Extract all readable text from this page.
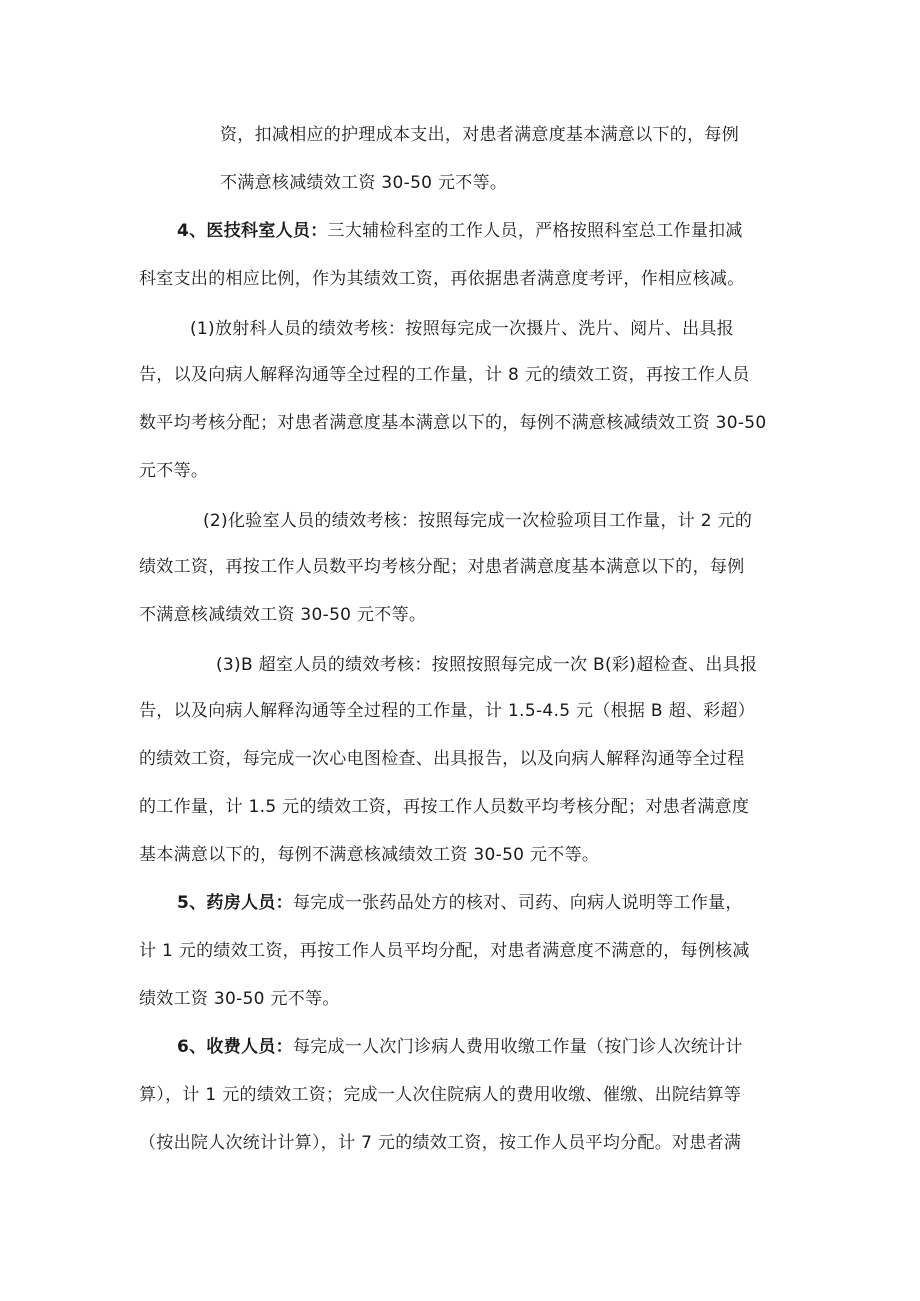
资，扣减相应的护理成本支出，对患者满意度基本满意以下的，每例
不满意核减绩效工资 30-50 元不等。
4、医技科室人员：三大辅检科室的工作人员，严格按照科室总工作量扣减
科室支出的相应比例，作为其绩效工资，再依据患者满意度考评，作相应核减。
(1)放射科人员的绩效考核：按照每完成一次摄片、洗片、阅片、出具报
告，以及向病人解释沟通等全过程的工作量，计 8 元的绩效工资，再按工作人员
数平均考核分配；对患者满意度基本满意以下的，每例不满意核减绩效工资 30-50
元不等。
(2)化验室人员的绩效考核：按照每完成一次检验项目工作量，计 2 元的
绩效工资，再按工作人员数平均考核分配；对患者满意度基本满意以下的，每例
不满意核减绩效工资 30-50 元不等。
(3)B 超室人员的绩效考核：按照按照每完成一次 B(彩)超检查、出具报
告，以及向病人解释沟通等全过程的工作量，计 1.5-4.5 元（根据 B 超、彩超）
的绩效工资，每完成一次心电图检查、出具报告，以及向病人解释沟通等全过程
的工作量，计 1.5 元的绩效工资，再按工作人员数平均考核分配；对患者满意度
基本满意以下的，每例不满意核减绩效工资 30-50 元不等。
5、药房人员：每完成一张药品处方的核对、司药、向病人说明等工作量，
计 1 元的绩效工资，再按工作人员平均分配，对患者满意度不满意的，每例核减
绩效工资 30-50 元不等。
6、收费人员：每完成一人次门诊病人费用收缴工作量（按门诊人次统计计
算），计 1 元的绩效工资；完成一人次住院病人的费用收缴、催缴、出院结算等
（按出院人次统计计算），计 7 元的绩效工资，按工作人员平均分配。对患者满
